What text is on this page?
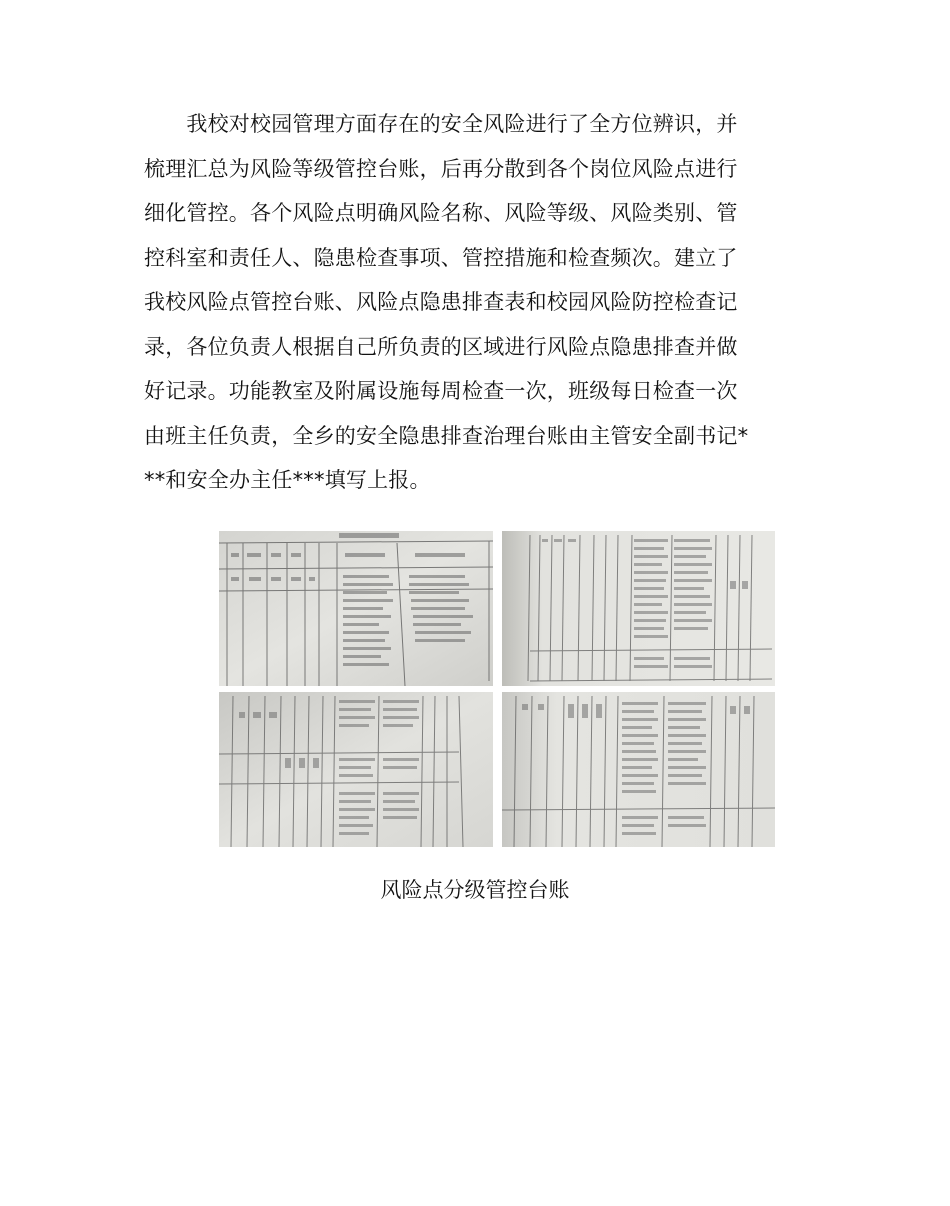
　　我校对校园管理方面存在的安全风险进行了全方位辨识，并
梳理汇总为风险等级管控台账，后再分散到各个岗位风险点进行
细化管控。各个风险点明确风险名称、风险等级、风险类别、管
控科室和责任人、隐患检查事项、管控措施和检查频次。建立了
我校风险点管控台账、风险点隐患排查表和校园风险防控检查记
录，各位负责人根据自己所负责的区域进行风险点隐患排查并做
好记录。功能教室及附属设施每周检查一次，班级每日检查一次
由班主任负责，全乡的安全隐患排查治理台账由主管安全副书记*
**和安全办主任***填写上报。

风险点分级管控台账
